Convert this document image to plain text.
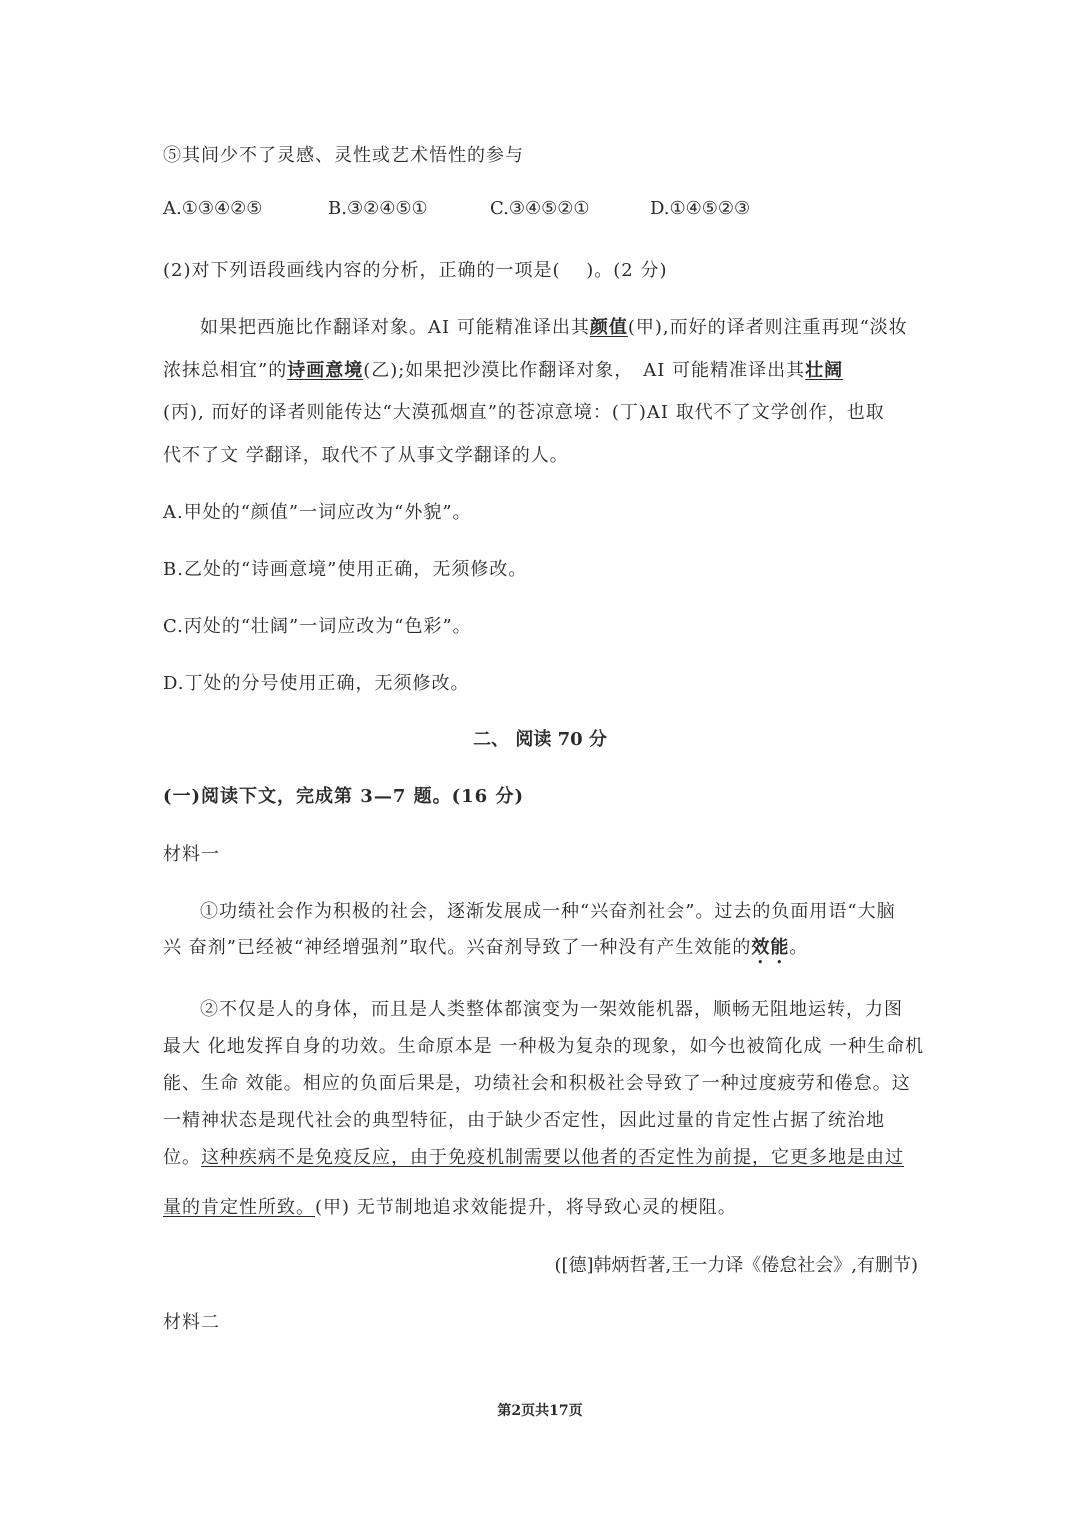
⑤其间少不了灵感、灵性或艺术悟性的参与
A.①③④②⑤	B.③②④⑤①	C.③④⑤②①	D.①④⑤②③
(2)对下列语段画线内容的分析，正确的一项是(　 )。(2 分)
如果把西施比作翻译对象。AI 可能精准译出其颜值(甲),而好的译者则注重再现“淡妆
浓抹总相宜”的诗画意境(乙);如果把沙漠比作翻译对象，　AI 可能精准译出其壮阔
(丙), 而好的译者则能传达“大漠孤烟直”的苍凉意境：(丁)AI 取代不了文学创作，也取
代不了文 学翻译，取代不了从事文学翻译的人。
A.甲处的“颜值”一词应改为“外貌”。
B.乙处的“诗画意境”使用正确，无须修改。
C.丙处的“壮阔”一词应改为“色彩”。
D.丁处的分号使用正确，无须修改。
二、 阅读 70 分
(一)阅读下文，完成第 3—7 题。(16 分)
材料一
①功绩社会作为积极的社会，逐渐发展成一种“兴奋剂社会”。过去的负面用语“大脑
兴 奋剂”已经被“神经增强剂”取代。兴奋剂导致了一种没有产生效能的效能。
②不仅是人的身体，而且是人类整体都演变为一架效能机器，顺畅无阻地运转，力图
最大 化地发挥自身的功效。生命原本是 一种极为复杂的现象，如今也被简化成 一种生命机
能、生命 效能。相应的负面后果是，功绩社会和积极社会导致了一种过度疲劳和倦怠。这
一精神状态是现代社会的典型特征，由于缺少否定性，因此过量的肯定性占据了统治地
位。这种疾病不是免疫反应，由于免疫机制需要以他者的否定性为前提，它更多地是由过
量的肯定性所致。(甲) 无节制地追求效能提升，将导致心灵的梗阻。
([德]韩炳哲著,王一力译《倦怠社会》,有删节)
材料二
第2页共17页
